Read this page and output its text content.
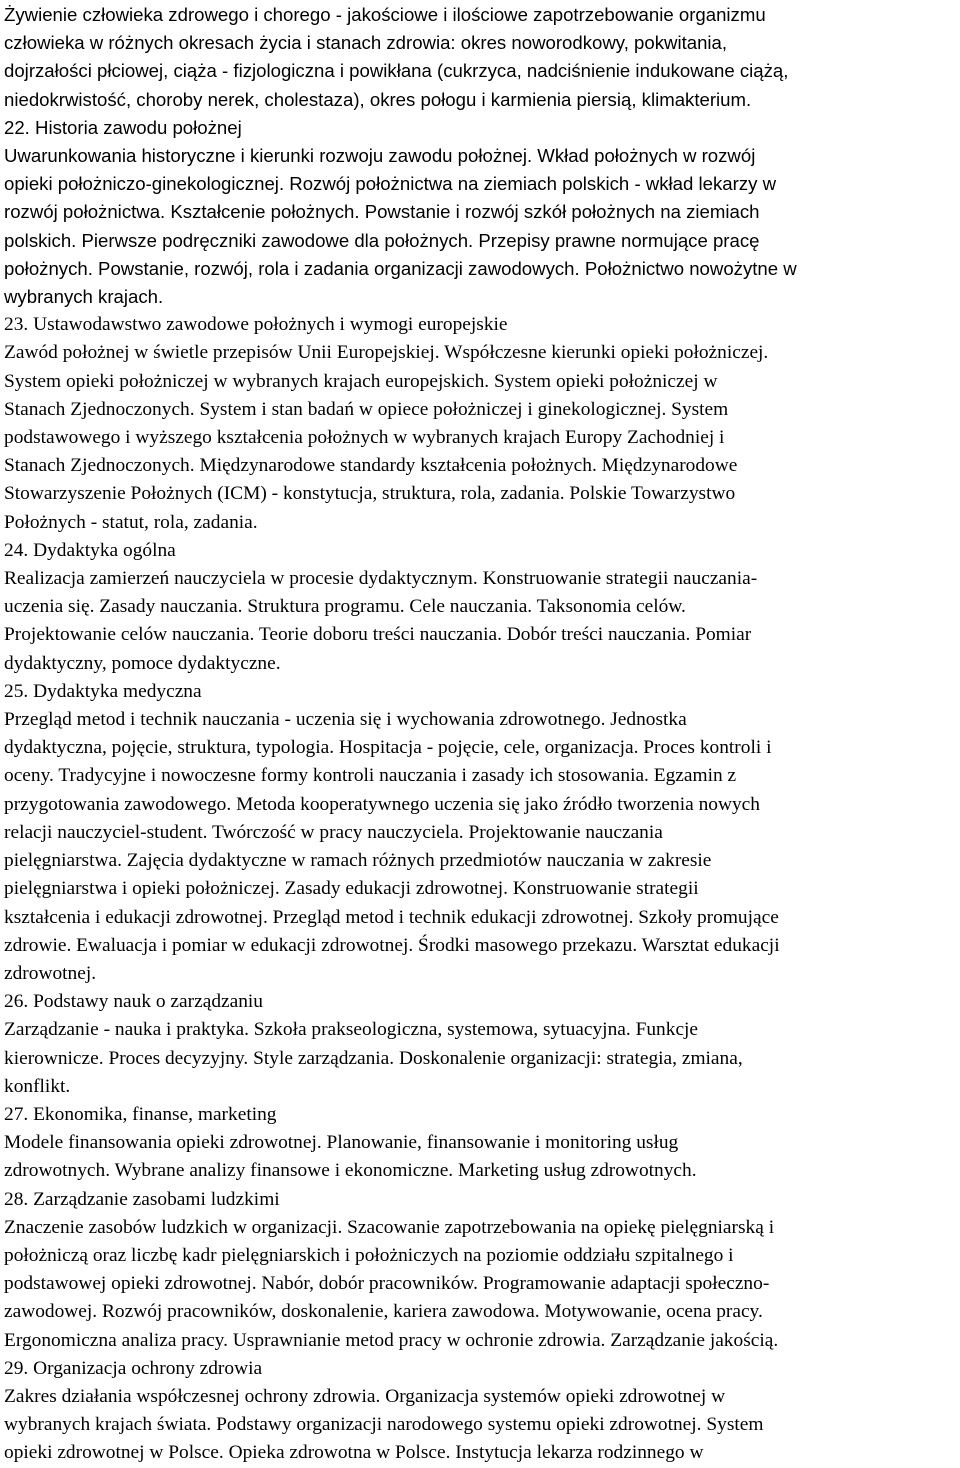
Żywienie człowieka zdrowego i chorego - jakościowe i ilościowe zapotrzebowanie organizmu
człowieka w różnych okresach życia i stanach zdrowia: okres noworodkowy, pokwitania,
dojrzałości płciowej, ciąża - fizjologiczna i powikłana (cukrzyca, nadciśnienie indukowane ciążą,
niedokrwistość, choroby nerek, cholestaza), okres połogu i karmienia piersią, klimakterium.
22. Historia zawodu położnej
Uwarunkowania historyczne i kierunki rozwoju zawodu położnej. Wkład położnych w rozwój
opieki położniczo-ginekologicznej. Rozwój położnictwa na ziemiach polskich - wkład lekarzy w
rozwój położnictwa. Kształcenie położnych. Powstanie i rozwój szkół położnych na ziemiach
polskich. Pierwsze podręczniki zawodowe dla położnych. Przepisy prawne normujące pracę
położnych. Powstanie, rozwój, rola i zadania organizacji zawodowych. Położnictwo nowożytne w
wybranych krajach.
23. Ustawodawstwo zawodowe położnych i wymogi europejskie
Zawód położnej w świetle przepisów Unii Europejskiej. Współczesne kierunki opieki położniczej.
System opieki położniczej w wybranych krajach europejskich. System opieki położniczej w
Stanach Zjednoczonych. System i stan badań w opiece położniczej i ginekologicznej. System
podstawowego i wyższego kształcenia położnych w wybranych krajach Europy Zachodniej i
Stanach Zjednoczonych. Międzynarodowe standardy kształcenia położnych. Międzynarodowe
Stowarzyszenie Położnych (ICM) - konstytucja, struktura, rola, zadania. Polskie Towarzystwo
Położnych - statut, rola, zadania.
24. Dydaktyka ogólna
Realizacja zamierzeń nauczyciela w procesie dydaktycznym. Konstruowanie strategii nauczania-
uczenia się. Zasady nauczania. Struktura programu. Cele nauczania. Taksonomia celów.
Projektowanie celów nauczania. Teorie doboru treści nauczania. Dobór treści nauczania. Pomiar
dydaktyczny, pomoce dydaktyczne.
25. Dydaktyka medyczna
Przegląd metod i technik nauczania - uczenia się i wychowania zdrowotnego. Jednostka
dydaktyczna, pojęcie, struktura, typologia. Hospitacja - pojęcie, cele, organizacja. Proces kontroli i
oceny. Tradycyjne i nowoczesne formy kontroli nauczania i zasady ich stosowania. Egzamin z
przygotowania zawodowego. Metoda kooperatywnego uczenia się jako źródło tworzenia nowych
relacji nauczyciel-student. Twórczość w pracy nauczyciela. Projektowanie nauczania
pielęgniarstwa. Zajęcia dydaktyczne w ramach różnych przedmiotów nauczania w zakresie
pielęgniarstwa i opieki położniczej. Zasady edukacji zdrowotnej. Konstruowanie strategii
kształcenia i edukacji zdrowotnej. Przegląd metod i technik edukacji zdrowotnej. Szkoły promujące
zdrowie. Ewaluacja i pomiar w edukacji zdrowotnej. Środki masowego przekazu. Warsztat edukacji
zdrowotnej.
26. Podstawy nauk o zarządzaniu
Zarządzanie - nauka i praktyka. Szkoła prakseologiczna, systemowa, sytuacyjna. Funkcje
kierownicze. Proces decyzyjny. Style zarządzania. Doskonalenie organizacji: strategia, zmiana,
konflikt.
27. Ekonomika, finanse, marketing
Modele finansowania opieki zdrowotnej. Planowanie, finansowanie i monitoring usług
zdrowotnych. Wybrane analizy finansowe i ekonomiczne. Marketing usług zdrowotnych.
28. Zarządzanie zasobami ludzkimi
Znaczenie zasobów ludzkich w organizacji. Szacowanie zapotrzebowania na opiekę pielęgniarską i
położniczą oraz liczbę kadr pielęgniarskich i położniczych na poziomie oddziału szpitalnego i
podstawowej opieki zdrowotnej. Nabór, dobór pracowników. Programowanie adaptacji społeczno-
zawodowej. Rozwój pracowników, doskonalenie, kariera zawodowa. Motywowanie, ocena pracy.
Ergonomiczna analiza pracy. Usprawnianie metod pracy w ochronie zdrowia. Zarządzanie jakością.
29. Organizacja ochrony zdrowia
Zakres działania współczesnej ochrony zdrowia. Organizacja systemów opieki zdrowotnej w
wybranych krajach świata. Podstawy organizacji narodowego systemu opieki zdrowotnej. System
opieki zdrowotnej w Polsce. Opieka zdrowotna w Polsce. Instytucja lekarza rodzinnego w
